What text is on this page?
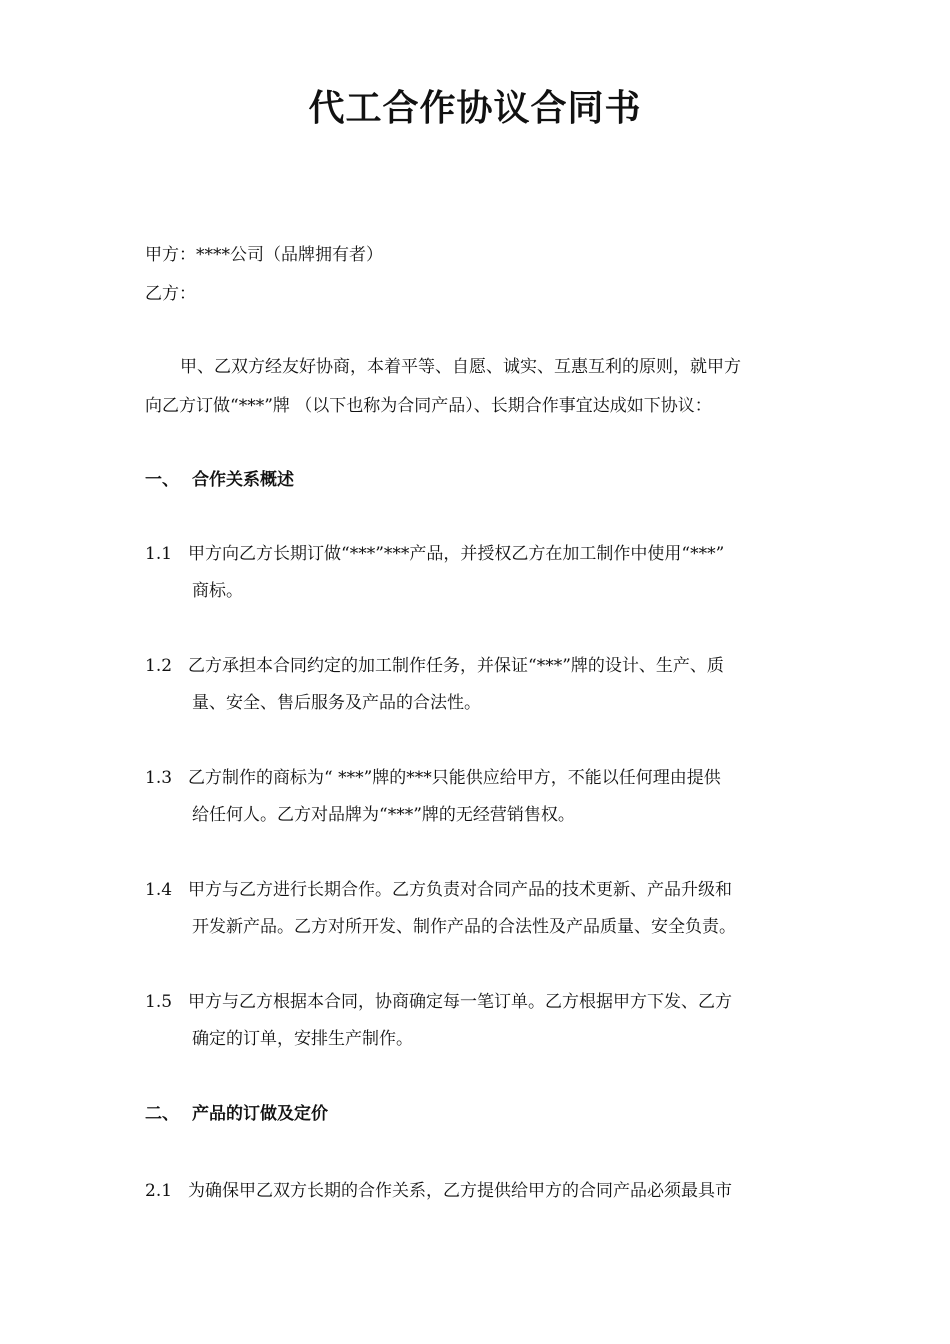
代工合作协议合同书
甲方：****公司（品牌拥有者）
乙方：
甲、乙双方经友好协商，本着平等、自愿、诚实、互惠互利的原则，就甲方
向乙方订做“***”牌 （以下也称为合同产品）、长期合作事宜达成如下协议：
一、 合作关系概述
1.1 甲方向乙方长期订做“***”***产品，并授权乙方在加工制作中使用“***”
商标。
1.2 乙方承担本合同约定的加工制作任务，并保证“***”牌的设计、生产、质
量、安全、售后服务及产品的合法性。
1.3 乙方制作的商标为“ ***”牌的***只能供应给甲方，不能以任何理由提供
给任何人。乙方对品牌为“***”牌的无经营销售权。
1.4 甲方与乙方进行长期合作。乙方负责对合同产品的技术更新、产品升级和
开发新产品。乙方对所开发、制作产品的合法性及产品质量、安全负责。
1.5 甲方与乙方根据本合同，协商确定每一笔订单。乙方根据甲方下发、乙方
确定的订单，安排生产制作。
二、 产品的订做及定价
2.1 为确保甲乙双方长期的合作关系，乙方提供给甲方的合同产品必须最具市
